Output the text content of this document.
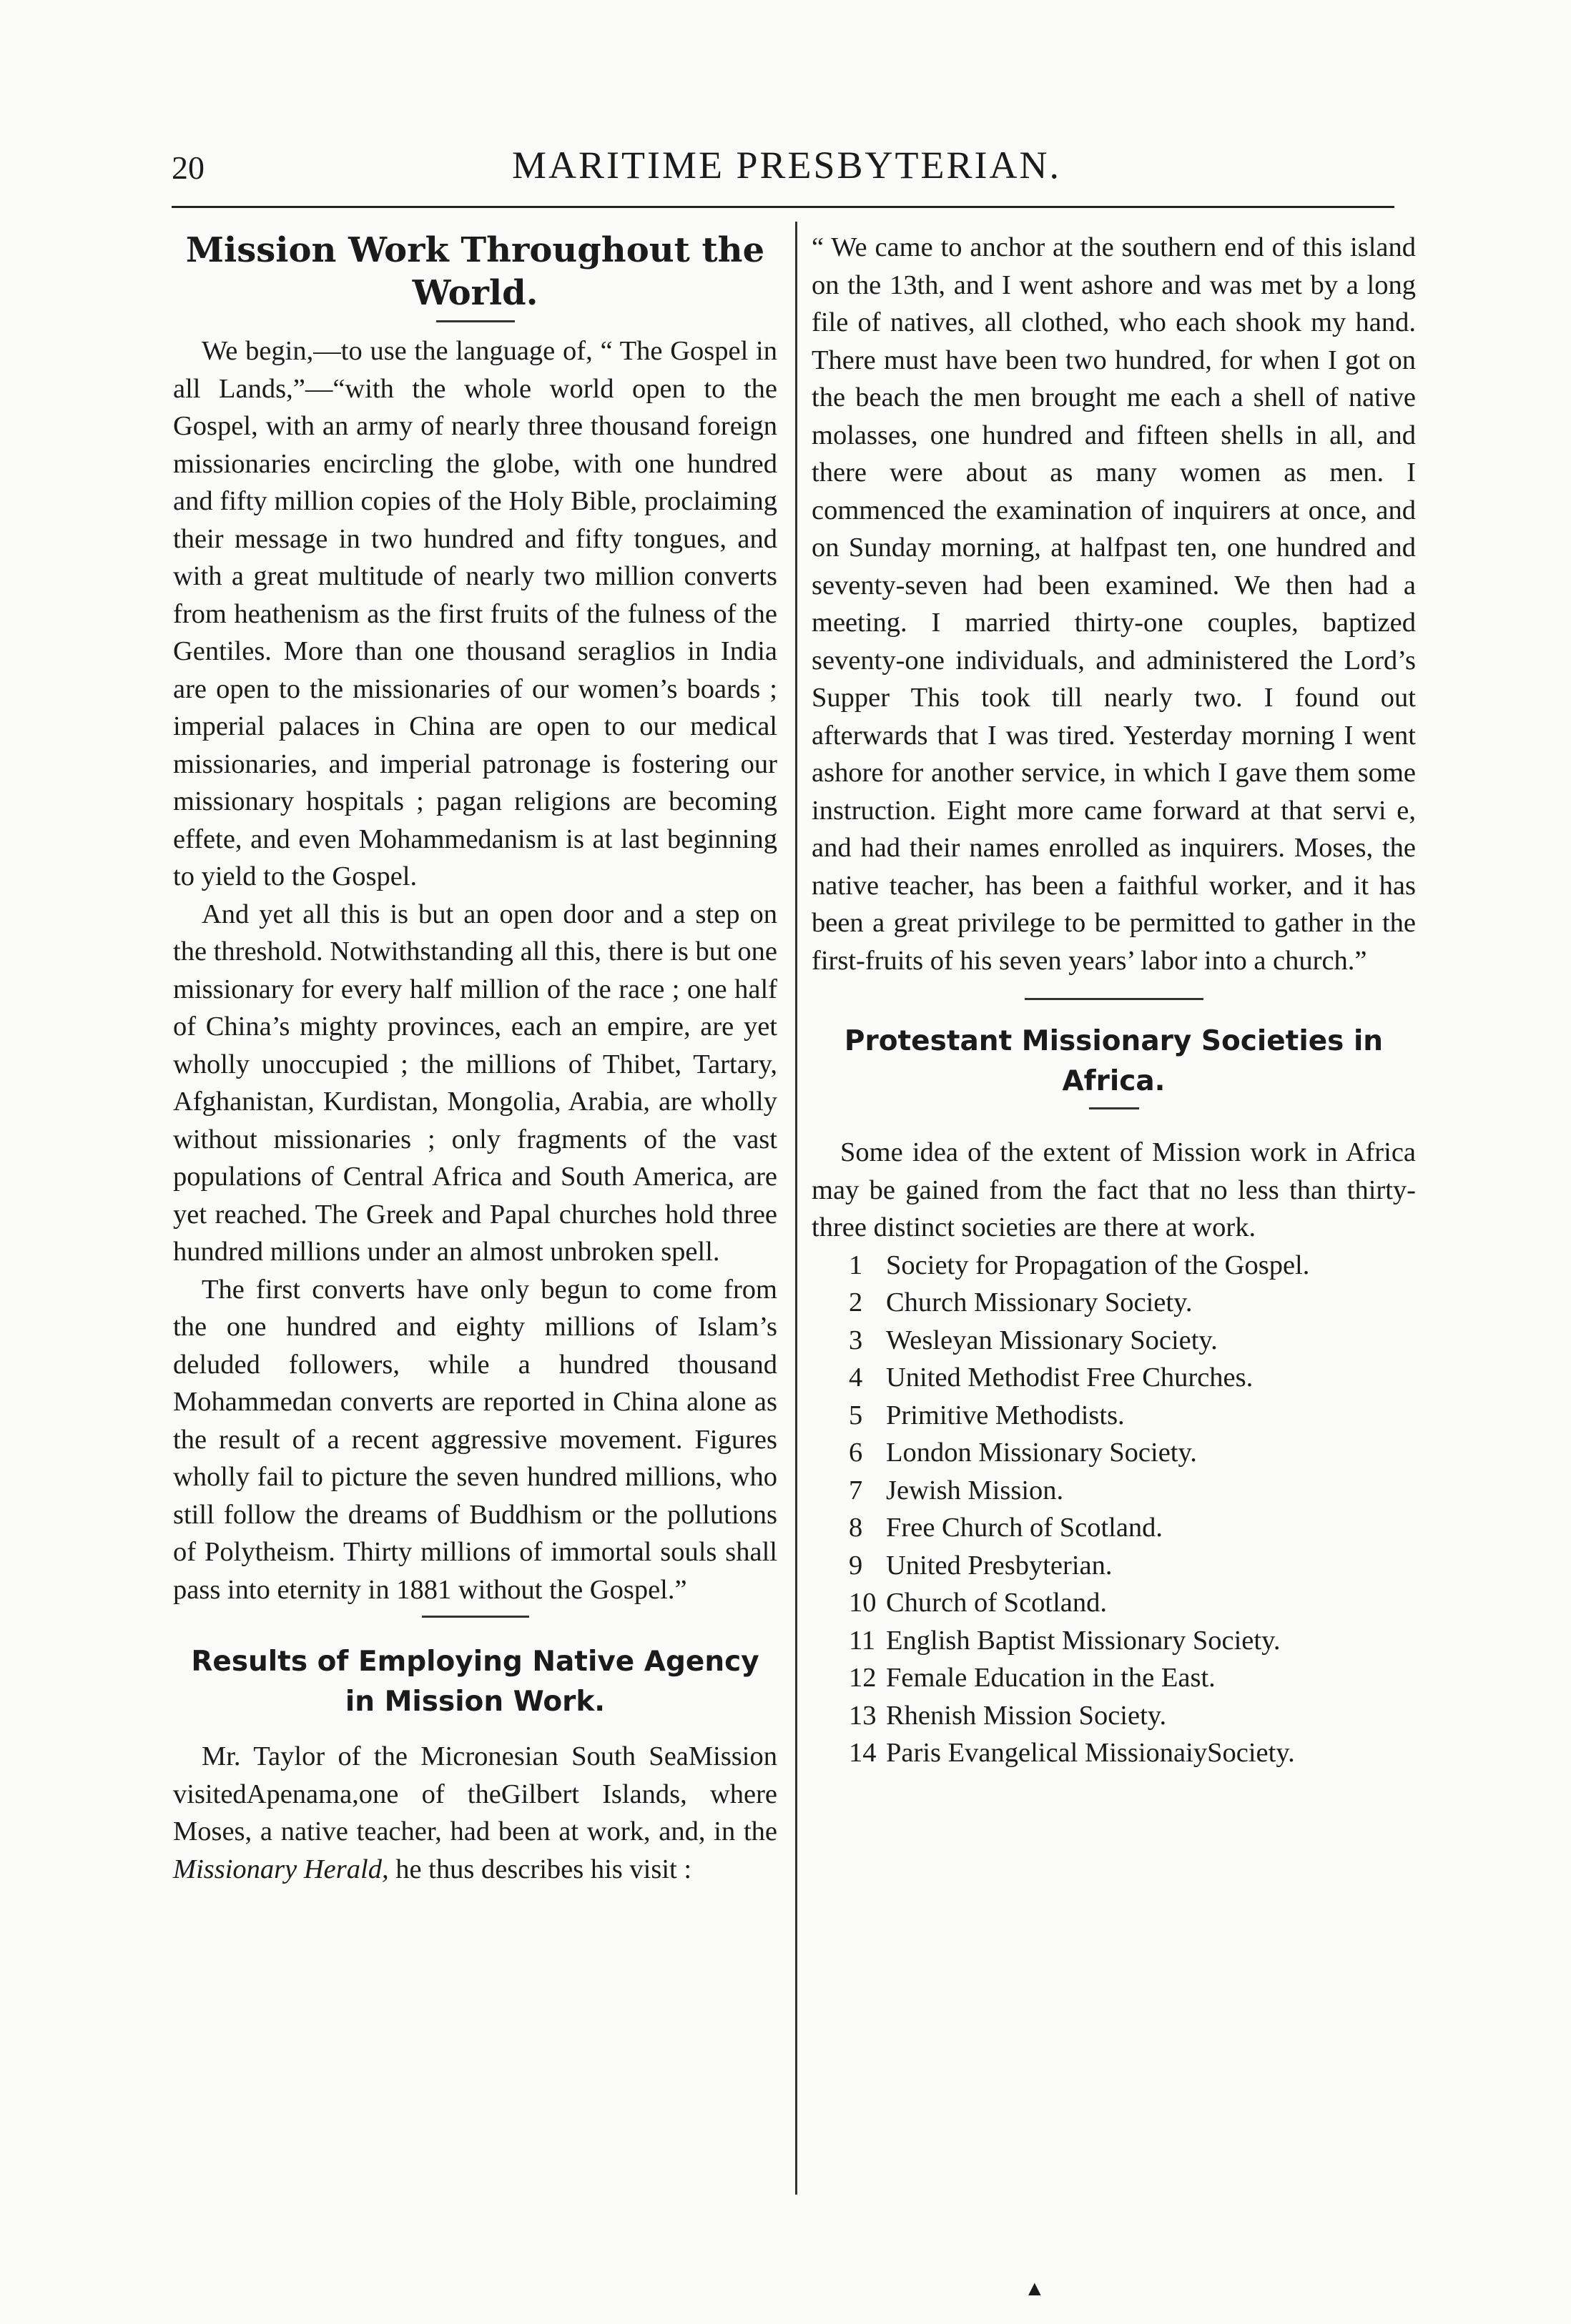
20	MARITIME PRESBYTERIAN.
Mission Work Throughout the World.

We begin,—to use the language of, “ The Gospel in all Lands,”—“with the whole world open to the Gospel, with an army of nearly three thousand foreign missionaries encircling the globe, with one hundred and fifty million copies of the Holy Bible, proclaiming their message in two hundred and fifty tongues, and with a great multitude of nearly two million converts from heathenism as the first fruits of the fulness of the Gentiles. More than one thousand seraglios in India are open to the missionaries of our women’s boards ; imperial palaces in China are open to our medical missionaries, and imperial patronage is fostering our missionary hospitals ; pagan religions are becoming effete, and even Mohammedanism is at last beginning to yield to the Gospel.

And yet all this is but an open door and a step on the threshold. Notwithstanding all this, there is but one missionary for every half million of the race ; one half of China’s mighty provinces, each an empire, are yet wholly unoccupied ; the millions of Thibet, Tartary, Afghanistan, Kurdistan, Mongolia, Arabia, are wholly without missionaries ; only fragments of the vast populations of Central Africa and South America, are yet reached. The Greek and Papal churches hold three hundred millions under an almost unbroken spell.

The first converts have only begun to come from the one hundred and eighty millions of Islam’s deluded followers, while a hundred thousand Mohammedan converts are reported in China alone as the result of a recent aggressive movement. Figures wholly fail to picture the seven hundred millions, who still follow the dreams of Buddhism or the pollutions of Polytheism. Thirty millions of immortal souls shall pass into eternity in 1881 without the Gospel.”

Results of Employing Native Agency in Mission Work.

Mr. Taylor of the Micronesian South SeaMission visitedApenama,one of theGilbert Islands, where Moses, a native teacher, had been at work, and, in the Missionary Herald, he thus describes his visit :

“ We came to anchor at the southern end of this island on the 13th, and I went ashore and was met by a long file of natives, all clothed, who each shook my hand. There must have been two hundred, for when I got on the beach the men brought me each a shell of native molasses, one hundred and fifteen shells in all, and there were about as many women as men. I commenced the examination of inquirers at once, and on Sunday morning, at halfpast ten, one hundred and seventy-seven had been examined. We then had a meeting. I married thirty-one couples, baptized seventy-one individuals, and administered the Lord’s Supper This took till nearly two. I found out afterwards that I was tired. Yesterday morning I went ashore for another service, in which I gave them some instruction. Eight more came forward at that servi e, and had their names enrolled as inquirers. Moses, the native teacher, has been a faithful worker, and it has been a great privilege to be permitted to gather in the first-fruits of his seven years’ labor into a church.”

Protestant Missionary Societies in Africa.

Some idea of the extent of Mission work in Africa may be gained from the fact that no less than thirty-three distinct societies are there at work.

1 Society for Propagation of the Gospel.
2 Church Missionary Society.
3 Wesleyan Missionary Society.
4 United Methodist Free Churches.
5 Primitive Methodists.
6 London Missionary Society.
7 Jewish Mission.
8 Free Church of Scotland.
9 United Presbyterian.
10 Church of Scotland.
11 English Baptist Missionary Society.
12 Female Education in the East.
13 Rhenish Mission Society.
14 Paris Evangelical MissionaiySociety.
▲
